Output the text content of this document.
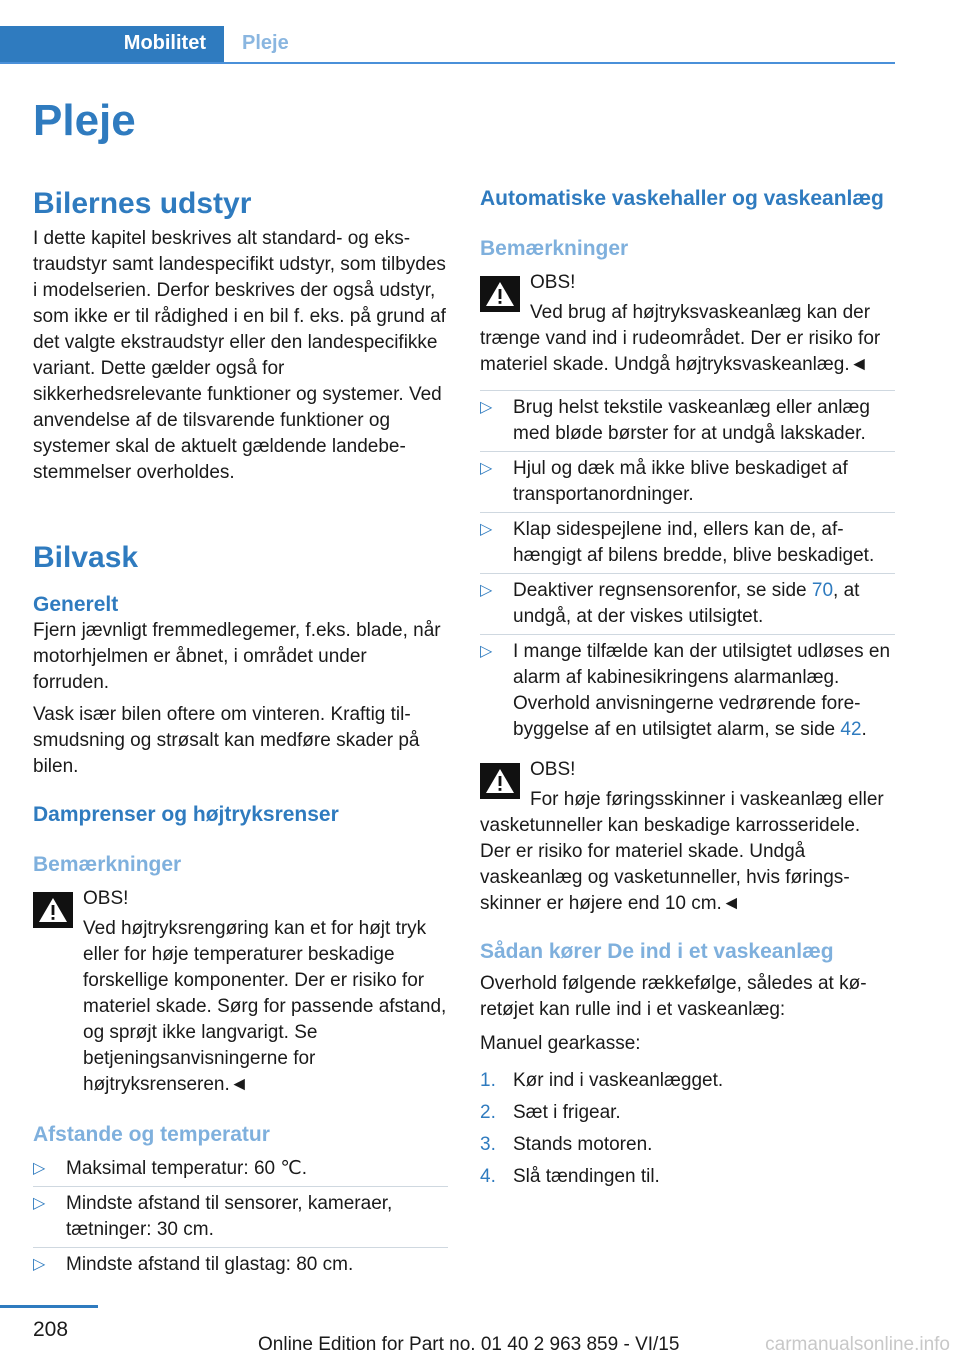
Mobilitet Pleje
Pleje
Bilernes udstyr

I dette kapitel beskrives alt standard- og ekstraudstyr samt landespecifikt udstyr, som tilbydes i modelserien. Derfor beskrives der også udstyr, som ikke er til rådighed i en bil f. eks. på grund af det valgte ekstraudstyr eller den landespecifikke variant. Dette gælder også for sikkerhedsrelevante funktioner og systemer. Ved anvendelse af de tilsvarende funktioner og systemer skal de aktuelt gældende landebestemmelser overholdes.

Bilvask
Generelt

Fjern jævnligt fremmedlegemer, f.eks. blade, når motorhjelmen er åbnet, i området under forruden.

Vask især bilen oftere om vinteren. Kraftig tilsmudsning og strøsalt kan medføre skader på bilen.

Damprenser og højtryksrenser
Bemærkninger

OBS!

Ved højtryksrengøring kan et for højt tryk eller for høje temperaturer beskadige forskellige komponenter. Der er risiko for materiel skade. Sørg for passende afstand, og sprøjt ikke langvarigt. Se betjeningsanvisningerne for højtryksrenseren.◄

Afstande og temperatur
▷ Maksimal temperatur: 60 ℃.
▷ Mindste afstand til sensorer, kameraer, tætninger: 30 cm.
▷ Mindste afstand til glastag: 80 cm.
Automatiske vaskehaller og vaskeanlæg
Bemærkninger

OBS!

Ved brug af højtryksvaskeanlæg kan der trænge vand ind i rudeområdet. Der er risiko for materiel skade. Undgå højtryksvaskeanlæg.◄

▷ Brug helst tekstile vaskeanlæg eller anlæg med bløde børster for at undgå lakskader.
▷ Hjul og dæk må ikke blive beskadiget af transportanordninger.
▷ Klap sidespejlene ind, ellers kan de, afhængigt af bilens bredde, blive beskadiget.
▷ Deaktiver regnsensorenfor, se side 70, at undgå, at der viskes utilsigtet.
▷ I mange tilfælde kan der utilsigtet udløses en alarm af kabinesikringens alarmanlæg. Overhold anvisningerne vedrørende forebyggelse af en utilsigtet alarm, se side 42.

OBS!

For høje føringsskinner i vaskeanlæg eller vasketunneller kan beskadige karrosseridele. Der er risiko for materiel skade. Undgå vaskeanlæg og vasketunneller, hvis føringsskinner er højere end 10 cm.◄

Sådan kører De ind i et vaskeanlæg

Overhold følgende rækkefølge, således at køretøjet kan rulle ind i et vaskeanlæg:

Manuel gearkasse:

1. Kør ind i vaskeanlægget.
2. Sæt i frigear.
3. Stands motoren.
4. Slå tændingen til.
208
Online Edition for Part no. 01 40 2 963 859 - VI/15	carmanualsonline.info
